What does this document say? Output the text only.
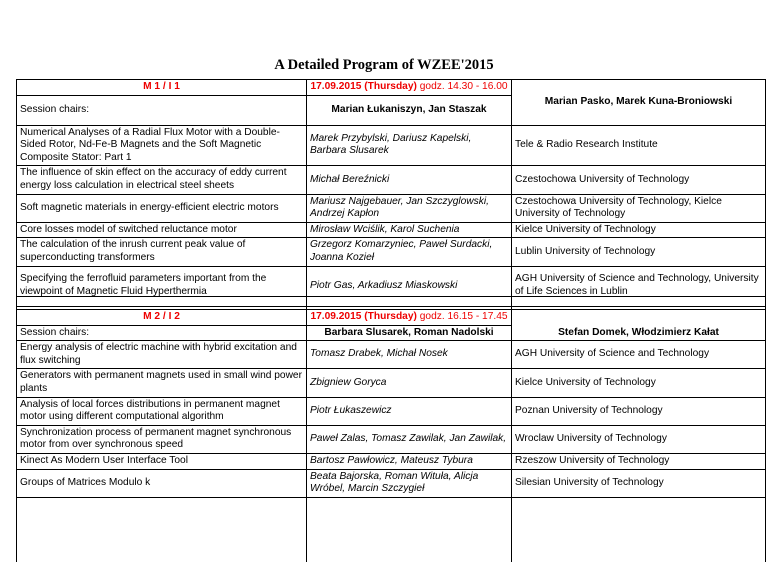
A Detailed Program of WZEE'2015
M 1 / I 1	17.09.2015 (Thursday) godz. 14.30 - 16.00	Marian Pasko, Marek Kuna-Broniowski
Session chairs:	Marian Łukaniszyn, Jan Staszak	
Numerical Analyses of a Radial Flux Motor with a Double-Sided Rotor, Nd-Fe-B Magnets and the Soft Magnetic Composite Stator: Part 1	Marek Przybylski, Dariusz Kapelski, Barbara Slusarek	Tele & Radio Research Institute
The influence of skin effect on the accuracy of eddy current energy loss calculation in electrical steel sheets	Michał Bereźnicki	Czestochowa University of Technology
Soft magnetic materials in energy-efficient electric motors	Mariusz Najgebauer, Jan Szczyglowski, Andrzej Kapłon	Czestochowa University of Technology, Kielce University of Technology
Core losses model of switched reluctance motor	Mirosław Wciślik, Karol Suchenia	Kielce University of Technology
The calculation of the inrush current peak value of superconducting transformers	Grzegorz Komarzyniec, Paweł Surdacki, Joanna Kozieł	Lublin University of Technology
Specifying the ferrofluid parameters important from the viewpoint of Magnetic Fluid Hyperthermia	Piotr Gas, Arkadiusz Miaskowski	AGH University of Science and Technology, University of Life Sciences in Lublin

M 2 / I 2	17.09.2015 (Thursday) godz. 16.15 - 17.45	Stefan Domek, Włodzimierz Kałat
Session chairs:	Barbara Slusarek, Roman Nadolski	
Energy analysis of electric machine with hybrid excitation and flux switching	Tomasz Drabek, Michał Nosek	AGH University of Science and Technology
Generators with permanent magnets used in small wind power plants	Zbigniew Goryca	Kielce University of Technology
Analysis of local forces distributions in permanent magnet motor using different computational algorithm	Piotr Łukaszewicz	Poznan University of Technology
Synchronization process of permanent magnet synchronous motor from over synchronous speed	Paweł Zalas, Tomasz Zawilak, Jan Zawilak,	Wroclaw University of Technology
Kinect As Modern User Interface Tool	Bartosz Pawłowicz, Mateusz Tybura	Rzeszow University of Technology
Groups of Matrices Modulo k	Beata Bajorska, Roman Wituła, Alicja Wróbel, Marcin Szczygieł	Silesian University of Technology
